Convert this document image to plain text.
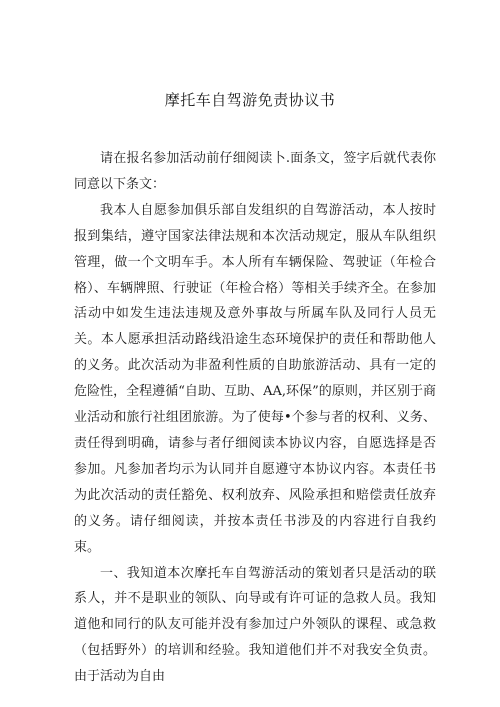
摩托车自驾游免责协议书

请在报名参加活动前仔细阅读卜.面条文，签字后就代表你同意以下条文：

我本人自愿参加俱乐部自发组织的自驾游活动，本人按时报到集结，遵守国家法律法规和本次活动规定，服从车队组织管理，做一个文明车手。本人所有车辆保险、驾驶证（年检合格）、车辆牌照、行驶证（年检合格）等相关手续齐全。在参加活动中如发生违法违规及意外事故与所属车队及同行人员无关。本人愿承担活动路线沿途生态环境保护的责任和帮助他人的义务。此次活动为非盈利性质的自助旅游活动、具有一定的危险性，全程遵循“自助、互助、AA,环保”的原则，并区别于商业活动和旅行社组团旅游。为了使每•个参与者的权利、义务、责任得到明确，请参与者仔细阅读本协议内容，自愿选择是否参加。凡参加者均示为认同并自愿遵守本协议内容。本责任书为此次活动的责任豁免、权利放弃、风险承担和赔偿责任放弃的义务。请仔细阅读，并按本责任书涉及的内容进行自我约束。

一、我知道本次摩托车自驾游活动的策划者只是活动的联系人，并不是职业的领队、向导或有许可证的急救人员。我知道他和同行的队友可能并没有参加过户外领队的课程、或急救（包括野外）的培训和经验。我知道他们并不对我安全负责。由于活动为自由
